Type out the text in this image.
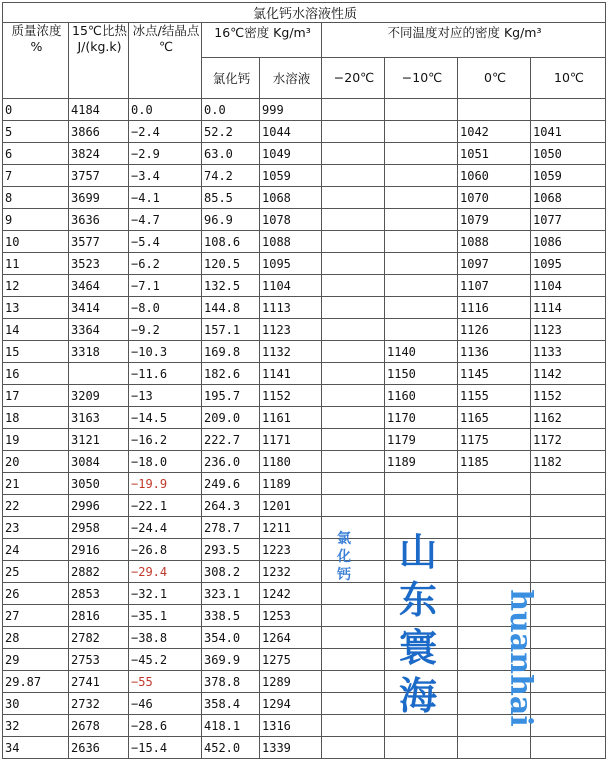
氯化钙水溶液性质								
质量浓度 %	15℃比热 J/(kg.k)	冰点/结晶点 ℃	16℃密度 Kg/m³		不同温度对应的密度 Kg/m³			
			氯化钙	水溶液	−20℃	−10℃	0℃	10℃
0	4184	0.0	0.0	999				
5	3866	−2.4	52.2	1044			1042	1041
6	3824	−2.9	63.0	1049			1051	1050
7	3757	−3.4	74.2	1059			1060	1059
8	3699	−4.1	85.5	1068			1070	1068
9	3636	−4.7	96.9	1078			1079	1077
10	3577	−5.4	108.6	1088			1088	1086
11	3523	−6.2	120.5	1095			1097	1095
12	3464	−7.1	132.5	1104			1107	1104
13	3414	−8.0	144.8	1113			1116	1114
14	3364	−9.2	157.1	1123			1126	1123
15	3318	−10.3	169.8	1132		1140	1136	1133
16		−11.6	182.6	1141		1150	1145	1142
17	3209	−13	195.7	1152		1160	1155	1152
18	3163	−14.5	209.0	1161		1170	1165	1162
19	3121	−16.2	222.7	1171		1179	1175	1172
20	3084	−18.0	236.0	1180		1189	1185	1182
21	3050	−19.9	249.6	1189				
22	2996	−22.1	264.3	1201				
23	2958	−24.4	278.7	1211				
24	2916	−26.8	293.5	1223				
25	2882	−29.4	308.2	1232				
26	2853	−32.1	323.1	1242				
27	2816	−35.1	338.5	1253				
28	2782	−38.8	354.0	1264				
29	2753	−45.2	369.9	1275				
29.87	2741	−55	378.8	1289				
30	2732	−46	358.4	1294				
32	2678	−28.6	418.1	1316				
34	2636	−15.4	452.0	1339				
氯化钙
山东寰海 huanhai
